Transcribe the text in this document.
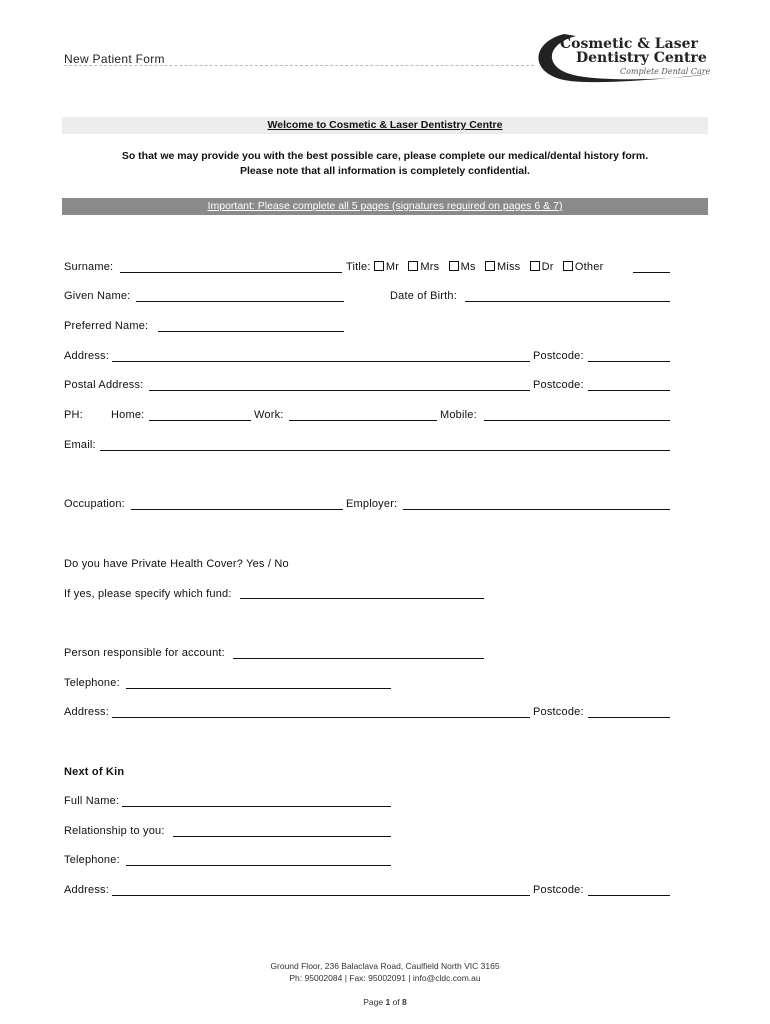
New Patient Form
Cosmetic & Laser
Dentistry Centre
Complete Dental Care
Welcome to Cosmetic & Laser Dentistry Centre
So that we may provide you with the best possible care, please complete our medical/dental history form.
Please note that all information is completely confidential.
Important: Please complete all 5 pages (signatures required on pages 6 & 7)
Surname:	Title: Mr Mrs Ms Miss Dr Other
Given Name:	Date of Birth:
Preferred Name:
Address:	Postcode:
Postal Address:	Postcode:
PH:	Home:	Work:	Mobile:
Email:
Occupation:	Employer:
Do you have Private Health Cover? Yes / No
If yes, please specify which fund:
Person responsible for account:
Telephone:
Address:	Postcode:
Next of Kin
Full Name:
Relationship to you:
Telephone:
Address:	Postcode:
Ground Floor, 236 Balaclava Road, Caulfield North VIC 3165
Ph: 95002084 | Fax: 95002091 | info@cldc.com.au
Page 1 of 8
